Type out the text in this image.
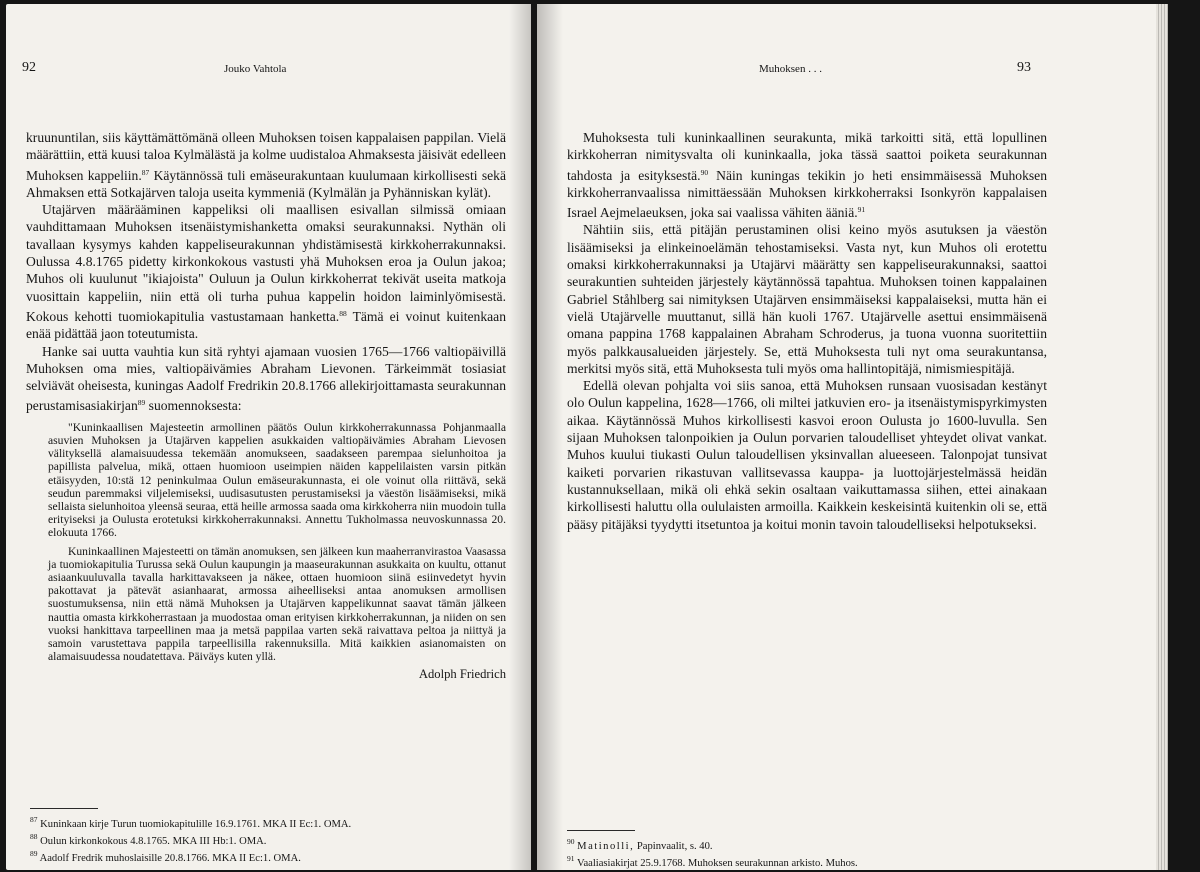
92	Jouko Vahtola

kruununtilan, siis käyttämättömänä olleen Muhoksen toisen kappalaisen pappilan. Vielä määrättiin, että kuusi taloa Kylmälästä ja kolme uudistaloa Ahmaksesta jäisivät edelleen Muhoksen kappeliin.$^{87}$ Käytännössä tuli emäseurakuntaan kuulumaan kirkollisesti sekä Ahmaksen että Sotkajärven taloja useita kymmeniä (Kylmälän ja Pyhänniskan kylät).

Utajärven määrääminen kappeliksi oli maallisen esivallan silmissä omiaan vauhdittamaan Muhoksen itsenäistymishanketta omaksi seurakunnaksi. Nythän oli tavallaan kysymys kahden kappeliseurakunnan yhdistämisestä kirkkoherrakunnaksi. Oulussa 4.8.1765 pidetty kirkonkokous vastusti yhä Muhoksen eroa ja Oulun jakoa; Muhos oli kuulunut "ikiajoista" Ouluun ja Oulun kirkkoherrat tekivät useita matkoja vuosittain kappeliin, niin että oli turha puhua kappelin hoidon laiminlyömisestä. Kokous kehotti tuomiokapitulia vastustamaan hanketta.$^{88}$ Tämä ei voinut kuitenkaan enää pidättää jaon toteutumista.

Hanke sai uutta vauhtia kun sitä ryhtyi ajamaan vuosien 1765—1766 valtiopäivillä Muhoksen oma mies, valtiopäivämies Abraham Lievonen. Tärkeimmät tosiasiat selviävät oheisesta, kuningas Aadolf Fredrikin 20.8.1766 allekirjoittamasta seurakunnan perustamisasiakirjan$^{89}$ suomennoksesta:

"Kuninkaallisen Majesteetin armollinen päätös Oulun kirkkoherrakunnassa Pohjanmaalla asuvien Muhoksen ja Utajärven kappelien asukkaiden valtiopäivämies Abraham Lievosen välityksellä alamaisuudessa tekemään anomukseen, saadakseen parempaa sielunhoitoa ja papillista palvelua, mikä, ottaen huomioon useimpien näiden kappelilaisten varsin pitkän etäisyyden, 10:stä 12 peninkulmaa Oulun emäseurakunnasta, ei ole voinut olla riittävä, sekä seudun paremmaksi viljelemiseksi, uudisasutusten perustamiseksi ja väestön lisäämiseksi, mikä sellaista sielunhoitoa yleensä seuraa, että heille armossa saada oma kirkkoherra niin muodoin tulla erityiseksi ja Oulusta erotetuksi kirkkoherrakunnaksi. Annettu Tukholmassa neuvoskunnassa 20. elokuuta 1766.

Kuninkaallinen Majesteetti on tämän anomuksen, sen jälkeen kun maaherranvirastoa Vaasassa ja tuomiokapitulia Turussa sekä Oulun kaupungin ja maaseurakunnan asukkaita on kuultu, ottanut asiaankuuluvalla tavalla harkittavakseen ja näkee, ottaen huomioon siinä esiinvedetyt hyvin pakottavat ja pätevät asianhaarat, armossa aiheelliseksi antaa anomuksen armollisen suostumuksensa, niin että nämä Muhoksen ja Utajärven kappelikunnat saavat tämän jälkeen nauttia omasta kirkkoherrastaan ja muodostaa oman erityisen kirkkoherrakunnan, ja niiden on sen vuoksi hankittava tarpeellinen maa ja metsä pappilaa varten sekä raivattava peltoa ja niittyä ja samoin varustettava pappila tarpeellisilla rakennuksilla. Mitä kaikkien asianomaisten on alamaisuudessa noudatettava. Päiväys kuten yllä.

Adolph Friedrich
$^{87}$ Kuninkaan kirje Turun tuomiokapitulille 16.9.1761. MKA II Ec:1. OMA.
$^{88}$ Oulun kirkonkokous 4.8.1765. MKA III Hb:1. OMA.
$^{89}$ Aadolf Fredrik muhoslaisille 20.8.1766. MKA II Ec:1. OMA.
Muhoksen . . .	93

Muhoksesta tuli kuninkaallinen seurakunta, mikä tarkoitti sitä, että lopullinen kirkkoherran nimitysvalta oli kuninkaalla, joka tässä saattoi poiketa seurakunnan tahdosta ja esityksestä.$^{90}$ Näin kuningas tekikin jo heti ensimmäisessä Muhoksen kirkkoherranvaalissa nimittäessään Muhoksen kirkkoherraksi Isonkyrön kappalaisen Israel Aejmelaeuksen, joka sai vaalissa vähiten ääniä.$^{91}$

Nähtiin siis, että pitäjän perustaminen olisi keino myös asutuksen ja väestön lisäämiseksi ja elinkeinoelämän tehostamiseksi. Vasta nyt, kun Muhos oli erotettu omaksi kirkkoherrakunnaksi ja Utajärvi määrätty sen kappeliseurakunnaksi, saattoi seurakuntien suhteiden järjestely käytännössä tapahtua. Muhoksen toinen kappalainen Gabriel Ståhlberg sai nimityksen Utajärven ensimmäiseksi kappalaiseksi, mutta hän ei vielä Utajärvelle muuttanut, sillä hän kuoli 1767. Utajärvelle asettui ensimmäisenä omana pappina 1768 kappalainen Abraham Schroderus, ja tuona vuonna suoritettiin myös palkkausalueiden järjestely. Se, että Muhoksesta tuli nyt oma seurakuntansa, merkitsi myös sitä, että Muhoksesta tuli myös oma hallintopitäjä, nimismiespitäjä.

Edellä olevan pohjalta voi siis sanoa, että Muhoksen runsaan vuosisadan kestänyt olo Oulun kappelina, 1628—1766, oli miltei jatkuvien ero- ja itsenäistymispyrkimysten aikaa. Käytännössä Muhos kirkollisesti kasvoi eroon Oulusta jo 1600-luvulla. Sen sijaan Muhoksen talonpoikien ja Oulun porvarien taloudelliset yhteydet olivat vankat. Muhos kuului tiukasti Oulun taloudellisen yksinvallan alueeseen. Talonpojat tunsivat kaiketi porvarien rikastuvan vallitsevassa kauppa- ja luottojärjestelmässä heidän kustannuksellaan, mikä oli ehkä sekin osaltaan vaikuttamassa siihen, ettei ainakaan kirkollisesti haluttu olla oululaisten armoilla. Kaikkein keskeisintä kuitenkin oli se, että pääsy pitäjäksi tyydytti itsetuntoa ja koitui monin tavoin taloudelliseksi helpotukseksi.

$^{90}$ Matinolli, Papinvaalit, s. 40.
$^{91}$ Vaaliasiakirjat 25.9.1768. Muhoksen seurakunnan arkisto. Muhos.
